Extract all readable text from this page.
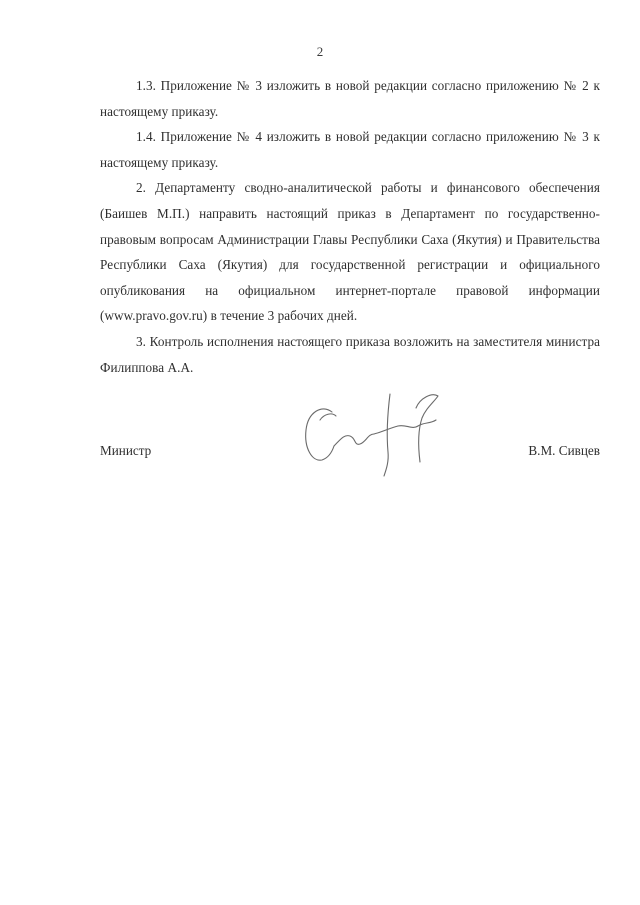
2

1.3. Приложение № 3 изложить в новой редакции согласно приложению № 2 к настоящему приказу.

1.4. Приложение № 4 изложить в новой редакции согласно приложению № 3 к настоящему приказу.

2. Департаменту сводно-аналитической работы и финансового обеспечения (Баишев М.П.) направить настоящий приказ в Департамент по государственно-правовым вопросам Администрации Главы Республики Саха (Якутия) и Правительства Республики Саха (Якутия) для государственной регистрации и официального опубликования на официальном интернет-портале правовой информации (www.pravo.gov.ru) в течение 3 рабочих дней.

3. Контроль исполнения настоящего приказа возложить на заместителя министра Филиппова А.А.

Министр	В.М. Сивцев
